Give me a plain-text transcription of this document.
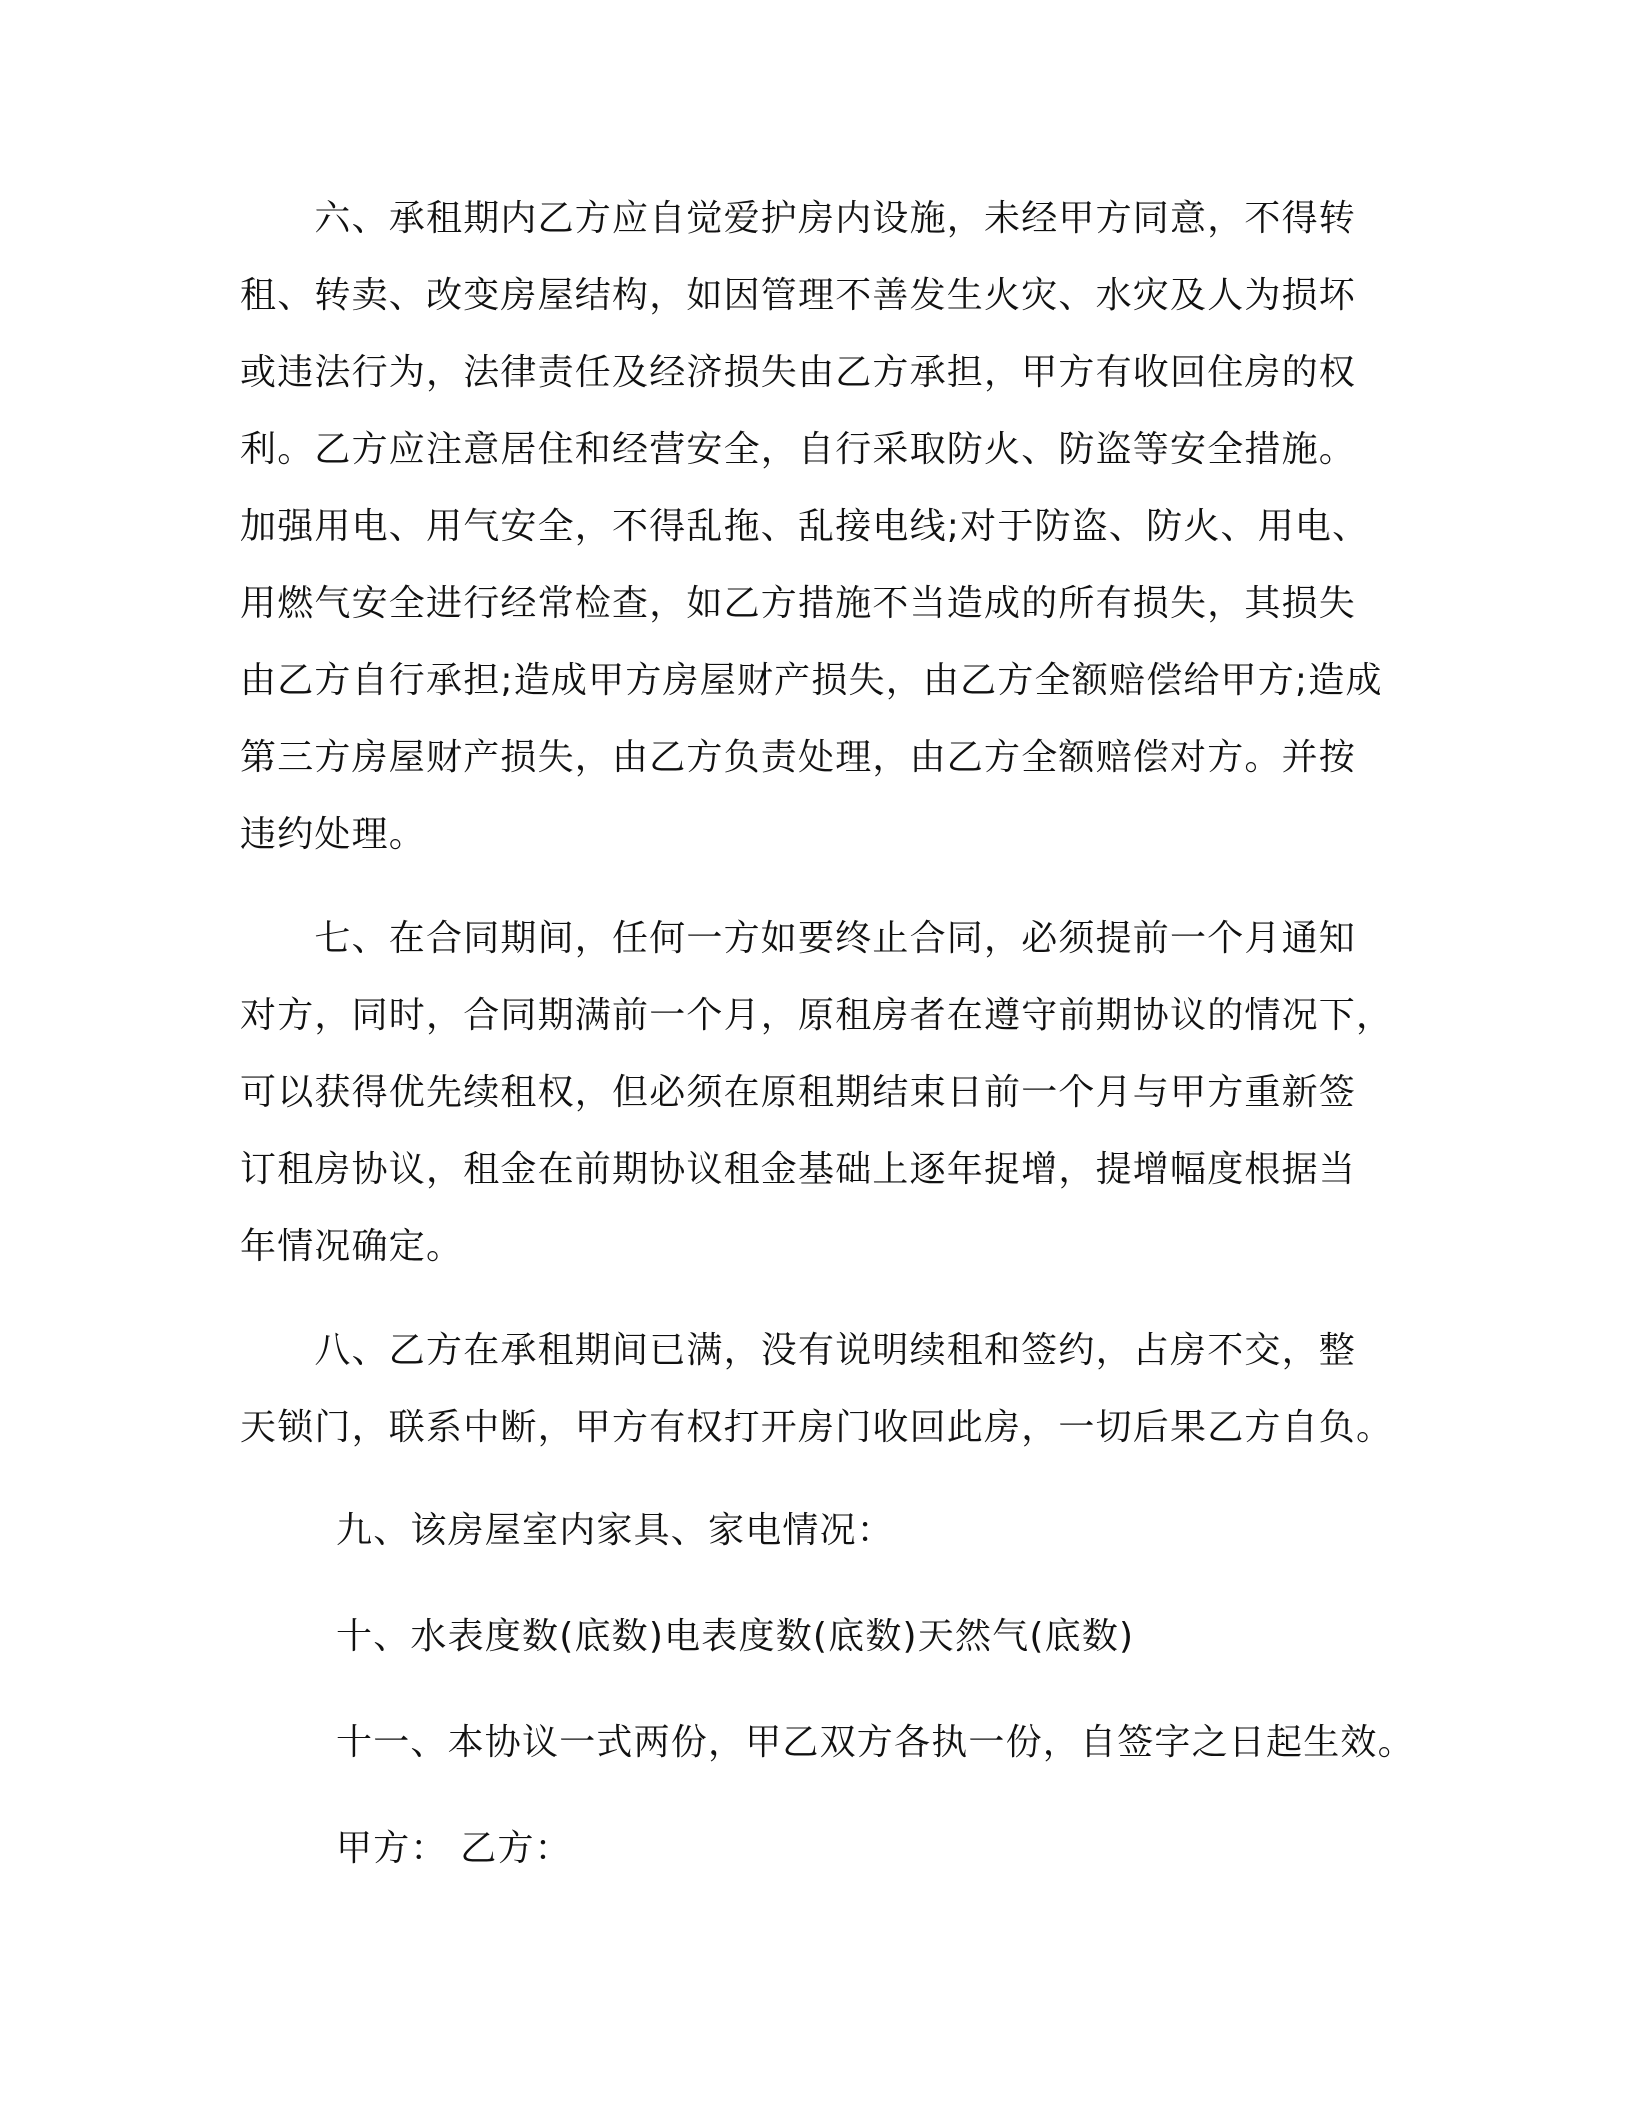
　　六、承租期内乙方应自觉爱护房内设施，未经甲方同意，不得转
租、转卖、改变房屋结构，如因管理不善发生火灾、水灾及人为损坏
或违法行为，法律责任及经济损失由乙方承担，甲方有收回住房的权
利。乙方应注意居住和经营安全，自行采取防火、防盗等安全措施。
加强用电、用气安全，不得乱拖、乱接电线;对于防盗、防火、用电、
用燃气安全进行经常检查，如乙方措施不当造成的所有损失，其损失
由乙方自行承担;造成甲方房屋财产损失，由乙方全额赔偿给甲方;造成
第三方房屋财产损失，由乙方负责处理，由乙方全额赔偿对方。并按
违约处理。
　　七、在合同期间，任何一方如要终止合同，必须提前一个月通知
对方，同时，合同期满前一个月，原租房者在遵守前期协议的情况下，
可以获得优先续租权，但必须在原租期结束日前一个月与甲方重新签
订租房协议，租金在前期协议租金基础上逐年捉增，提增幅度根据当
年情况确定。
　　八、乙方在承租期间已满，没有说明续租和签约，占房不交，整
天锁门，联系中断，甲方有权打开房门收回此房，一切后果乙方自负。
九、该房屋室内家具、家电情况：
十、水表度数(底数)电表度数(底数)天然气(底数)
十一、本协议一式两份，甲乙双方各执一份，自签字之日起生效。
甲方： 乙方：
